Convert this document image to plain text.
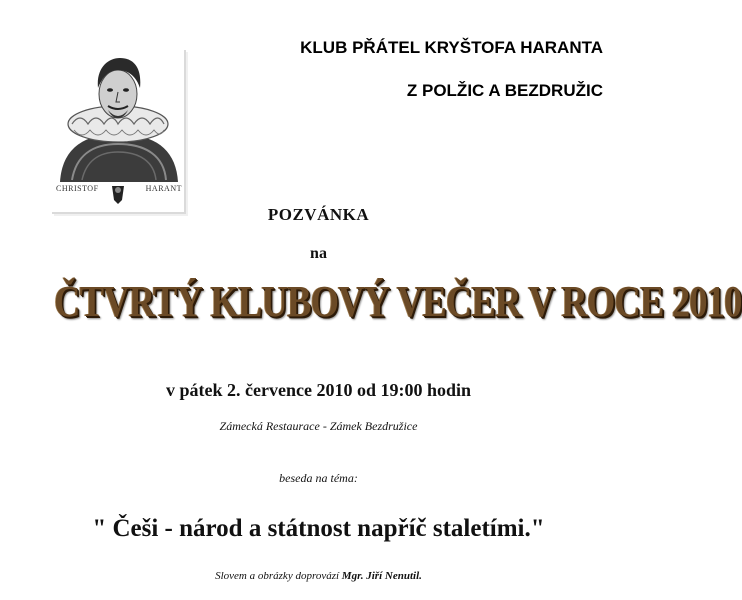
CHRISTOF	HARANT
KLUB PŘÁTEL KRYŠTOFA HARANTA
Z POLŽIC A BEZDRUŽIC
POZVÁNKA
na
ČTVRTÝ KLUBOVÝ VEČER V ROCE 2010
v pátek 2. července 2010 od 19:00 hodin
Zámecká Restaurace - Zámek Bezdružice
beseda na téma:
" Češi - národ a státnost napříč staletími."
Slovem a obrázky doprovází Mgr. Jiří Nenutil.
